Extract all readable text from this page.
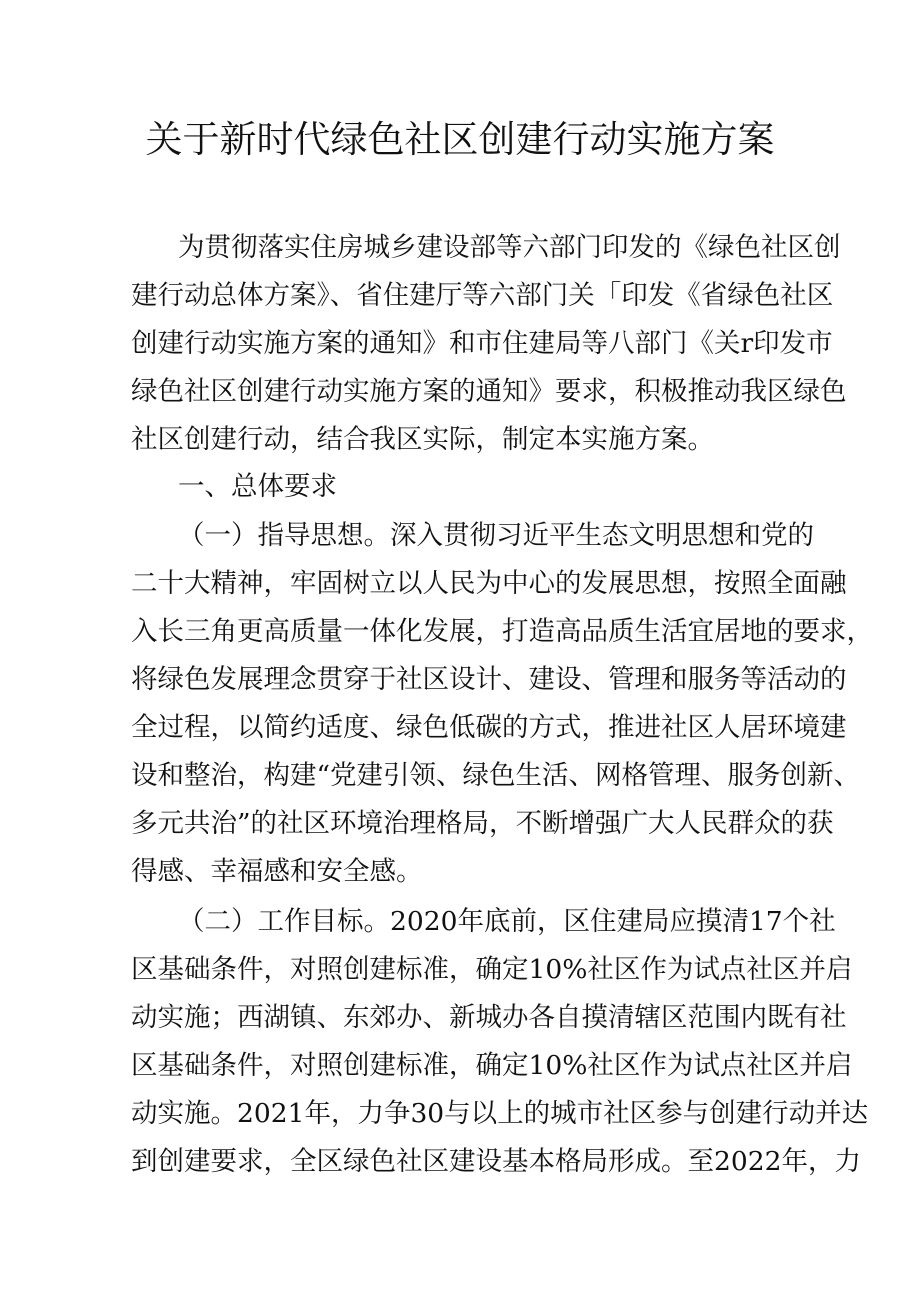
关于新时代绿色社区创建行动实施方案

为贯彻落实住房城乡建设部等六部门印发的《绿色社区创

建行动总体方案》、省住建厅等六部门关「印发《省绿色社区

创建行动实施方案的通知》和市住建局等八部门《关r印发市

绿色社区创建行动实施方案的通知》要求，积极推动我区绿色

社区创建行动，结合我区实际，制定本实施方案。

一、总体要求

（一）指导思想。深入贯彻习近平生态文明思想和党的

二十大精神，牢固树立以人民为中心的发展思想，按照全面融

入长三角更高质量一体化发展，打造高品质生活宜居地的要求，

将绿色发展理念贯穿于社区设计、建设、管理和服务等活动的

全过程，以简约适度、绿色低碳的方式，推进社区人居环境建

设和整治，构建“党建引领、绿色生活、网格管理、服务创新、

多元共治”的社区环境治理格局，不断增强广大人民群众的获

得感、幸福感和安全感。

（二）工作目标。2020年底前，区住建局应摸清17个社

区基础条件，对照创建标准，确定10%社区作为试点社区并启

动实施；西湖镇、东郊办、新城办各自摸清辖区范围内既有社

区基础条件，对照创建标准，确定10%社区作为试点社区并启

动实施。2021年，力争30与以上的城市社区参与创建行动并达

到创建要求，全区绿色社区建设基本格局形成。至2022年，力
